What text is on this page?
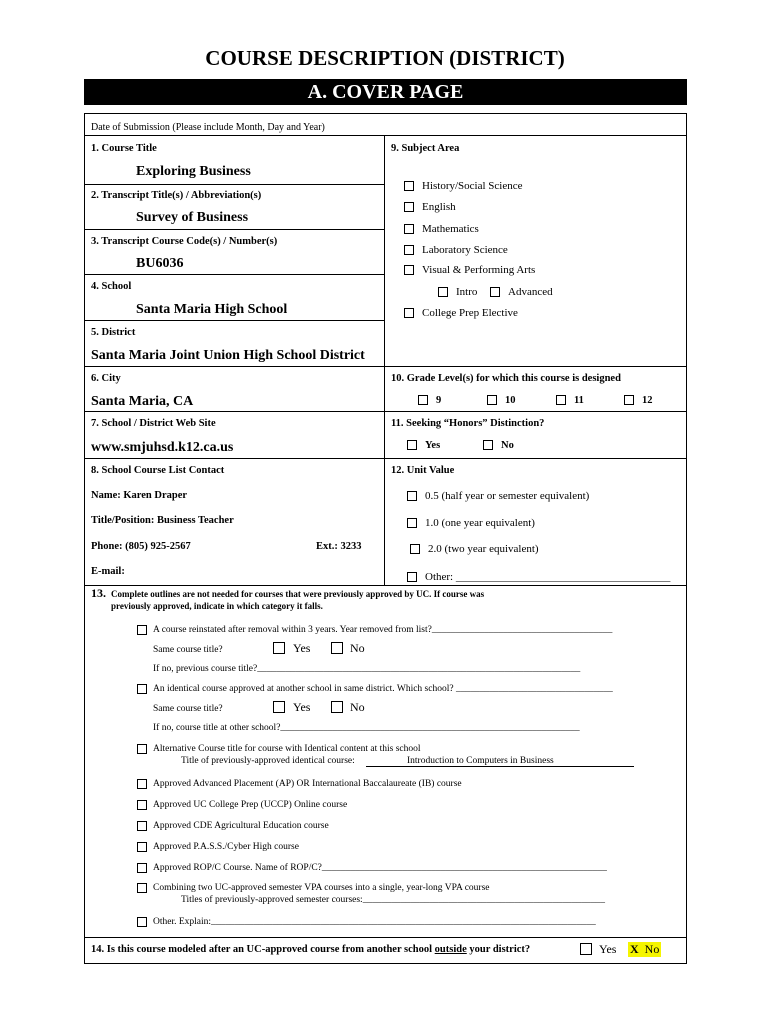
COURSE DESCRIPTION (DISTRICT)
A. COVER PAGE
Date of Submission (Please include Month, Day and Year)
1. Course Title
Exploring Business
2. Transcript Title(s) / Abbreviation(s)
Survey of Business
3. Transcript Course Code(s) / Number(s)
BU6036
4. School
Santa Maria High School
5. District
Santa Maria Joint Union High School District
6. City
Santa Maria, CA
7. School / District Web Site
www.smjuhsd.k12.ca.us
8. School Course List Contact
Name: Karen Draper
Title/Position: Business Teacher
Phone: (805) 925-2567	Ext.: 3233
E-mail:
9. Subject Area
History/Social Science
English
Mathematics
Laboratory Science
Visual & Performing Arts
Intro	Advanced
College Prep Elective
10. Grade Level(s) for which this course is designed
9	10	11	12
11. Seeking “Honors” Distinction?
Yes	No
12. Unit Value
0.5 (half year or semester equivalent)
1.0 (one year equivalent)
2.0 (two year equivalent)
Other: _______________________________________
13. Complete outlines are not needed for courses that were previously approved by UC. If course was
previously approved, indicate in which category it falls.
A course reinstated after removal within 3 years. Year removed from list?______________________________________
Same course title?	Yes	No
If no, previous course title?____________________________________________________________________
An identical course approved at another school in same district. Which school? _________________________________
Same course title?	Yes	No
If no, course title at other school?_______________________________________________________________
Alternative Course title for course with Identical content at this school
Title of previously-approved identical course:	Introduction to Computers in Business
Approved Advanced Placement (AP) OR International Baccalaureate (IB) course
Approved UC College Prep (UCCP) Online course
Approved CDE Agricultural Education course
Approved P.A.S.S./Cyber High course
Approved ROP/C Course. Name of ROP/C?____________________________________________________________
Combining two UC-approved semester VPA courses into a single, year-long VPA course
Titles of previously-approved semester courses:___________________________________________________
Other. Explain:_________________________________________________________________________________
14. Is this course modeled after an UC-approved course from another school outside your district?	Yes X No
